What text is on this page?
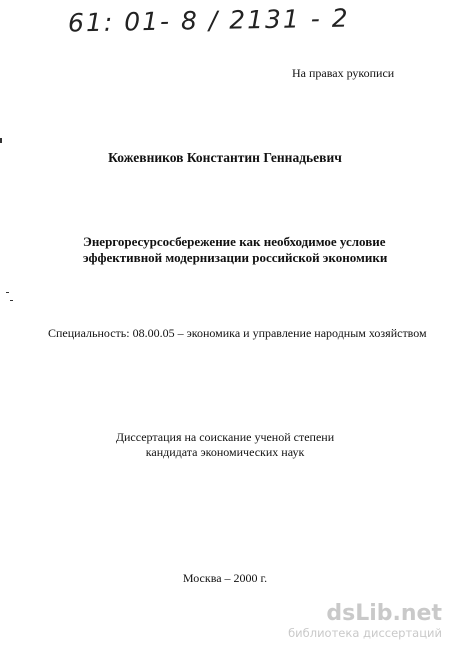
61: 01- 8 / 2131 - 2
На правах рукописи
Кожевников Константин Геннадьевич
Энергоресурсосбережение как необходимое условие
эффективной модернизации российской экономики
Специальность: 08.00.05 – экономика и управление народным хозяйством
Диссертация на соискание ученой степени
кандидата экономических наук
Москва – 2000 г.
dsLib.net
библиотека диссертаций
